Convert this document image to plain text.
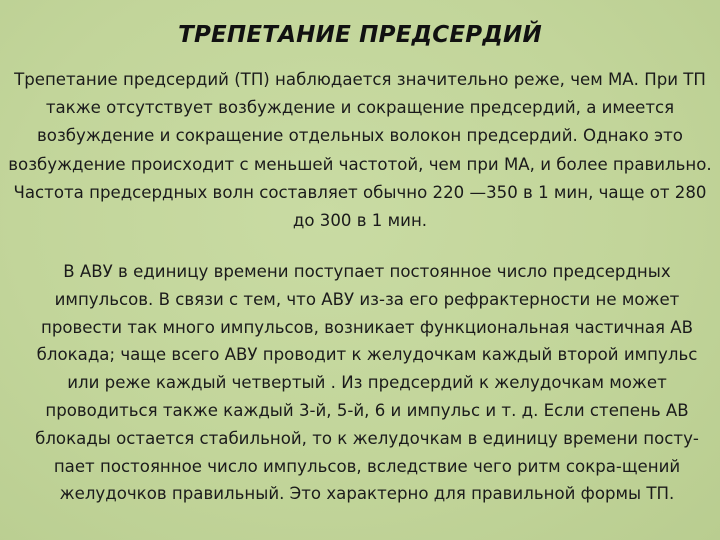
ТРЕПЕТАНИЕ ПРЕДСЕРДИЙ

Трепетание предсердий (ТП) наблюдается значительно реже, чем МА. При ТП также отсутствует возбуждение и сокращение предсердий, а имеется возбуждение и сокращение отдельных волокон предсердий. Однако это возбуждение происходит с меньшей частотой, чем при МА, и более правильно. Частота предсердных волн составляет обычно 220 —350 в 1 мин, чаще от 280 до 300 в 1 мин.

В АВУ в единицу времени поступает постоянное число предсердных импульсов. В связи с тем, что АВУ из-за его рефрактерности не может провести так много импульсов, возникает функциональная частичная АВ блокада; чаще всего АВУ проводит к желудочкам каждый второй импульс или реже каждый четвертый . Из предсердий к желудочкам может проводиться также каждый 3-й, 5-й, 6 и импульс и т. д. Если степень АВ блокады остается стабильной, то к желудочкам в единицу времени посту-пает постоянное число импульсов, вследствие чего ритм сокра-щений желудочков правильный. Это характерно для правильной формы ТП.
